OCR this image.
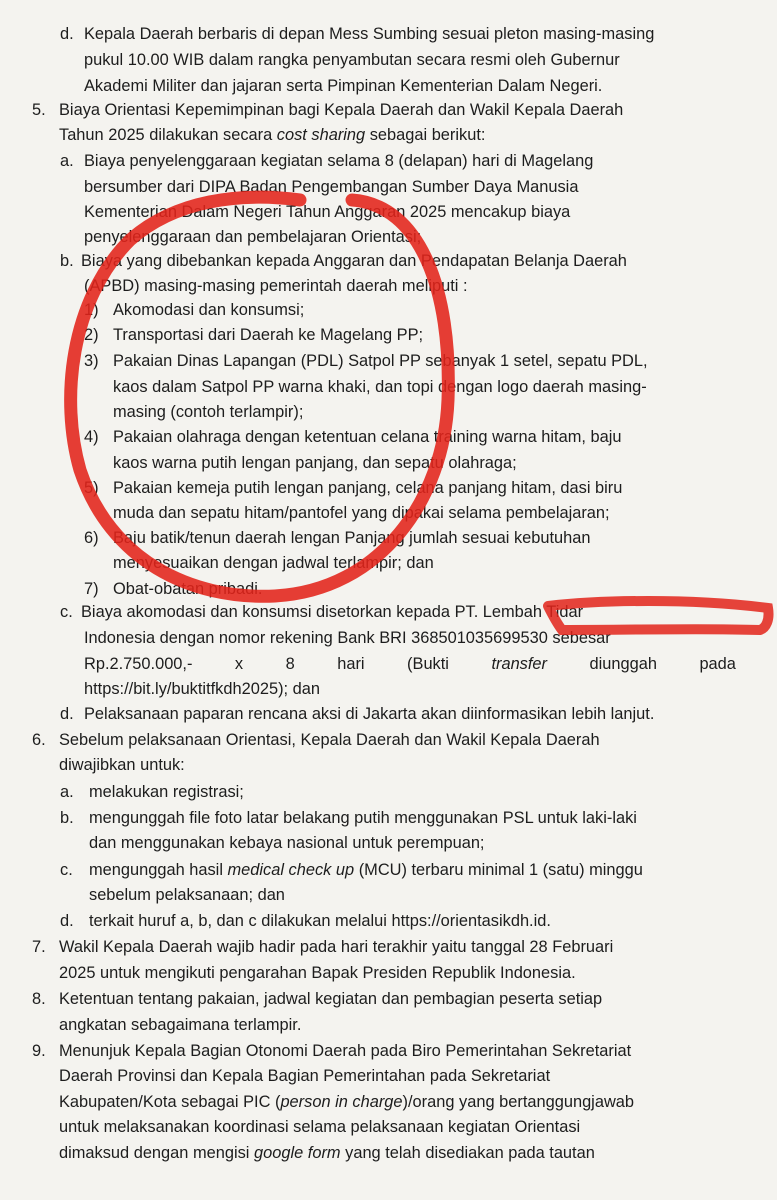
d. Kepala Daerah berbaris di depan Mess Sumbing sesuai pleton masing-masing
pukul 10.00 WIB dalam rangka penyambutan secara resmi oleh Gubernur
Akademi Militer dan jajaran serta Pimpinan Kementerian Dalam Negeri.
5. Biaya Orientasi Kepemimpinan bagi Kepala Daerah dan Wakil Kepala Daerah
Tahun 2025 dilakukan secara cost sharing sebagai berikut:
a. Biaya penyelenggaraan kegiatan selama 8 (delapan) hari di Magelang
bersumber dari DIPA Badan Pengembangan Sumber Daya Manusia
Kementerian Dalam Negeri Tahun Anggaran 2025 mencakup biaya
penyelenggaraan dan pembelajaran Orientasi;
b. Biaya yang dibebankan kepada Anggaran dan Pendapatan Belanja Daerah
(APBD) masing-masing pemerintah daerah meliputi :
1) Akomodasi dan konsumsi;
2) Transportasi dari Daerah ke Magelang PP;
3) Pakaian Dinas Lapangan (PDL) Satpol PP sebanyak 1 setel, sepatu PDL,
kaos dalam Satpol PP warna khaki, dan topi dengan logo daerah masing-
masing (contoh terlampir);
4) Pakaian olahraga dengan ketentuan celana training warna hitam, baju
kaos warna putih lengan panjang, dan sepatu olahraga;
5) Pakaian kemeja putih lengan panjang, celana panjang hitam, dasi biru
muda dan sepatu hitam/pantofel yang dipakai selama pembelajaran;
6) Baju batik/tenun daerah lengan Panjang jumlah sesuai kebutuhan
menyesuaikan dengan jadwal terlampir; dan
7) Obat-obatan pribadi.
c. Biaya akomodasi dan konsumsi disetorkan kepada PT. Lembah Tidar
Indonesia dengan nomor rekening Bank BRI 368501035699530 sebesar
Rp.2.750.000,-	x	8	hari	(Bukti	transfer	diunggah	pada
https://bit.ly/buktitfkdh2025); dan
d. Pelaksanaan paparan rencana aksi di Jakarta akan diinformasikan lebih lanjut.
6. Sebelum pelaksanaan Orientasi, Kepala Daerah dan Wakil Kepala Daerah
diwajibkan untuk:
a. melakukan registrasi;
b. mengunggah file foto latar belakang putih menggunakan PSL untuk laki-laki
dan menggunakan kebaya nasional untuk perempuan;
c. mengunggah hasil medical check up (MCU) terbaru minimal 1 (satu) minggu
sebelum pelaksanaan; dan
d. terkait huruf a, b, dan c dilakukan melalui https://orientasikdh.id.
7. Wakil Kepala Daerah wajib hadir pada hari terakhir yaitu tanggal 28 Februari
2025 untuk mengikuti pengarahan Bapak Presiden Republik Indonesia.
8. Ketentuan tentang pakaian, jadwal kegiatan dan pembagian peserta setiap
angkatan sebagaimana terlampir.
9. Menunjuk Kepala Bagian Otonomi Daerah pada Biro Pemerintahan Sekretariat
Daerah Provinsi dan Kepala Bagian Pemerintahan pada Sekretariat
Kabupaten/Kota sebagai PIC (person in charge)/orang yang bertanggungjawab
untuk melaksanakan koordinasi selama pelaksanaan kegiatan Orientasi
dimaksud dengan mengisi google form yang telah disediakan pada tautan
